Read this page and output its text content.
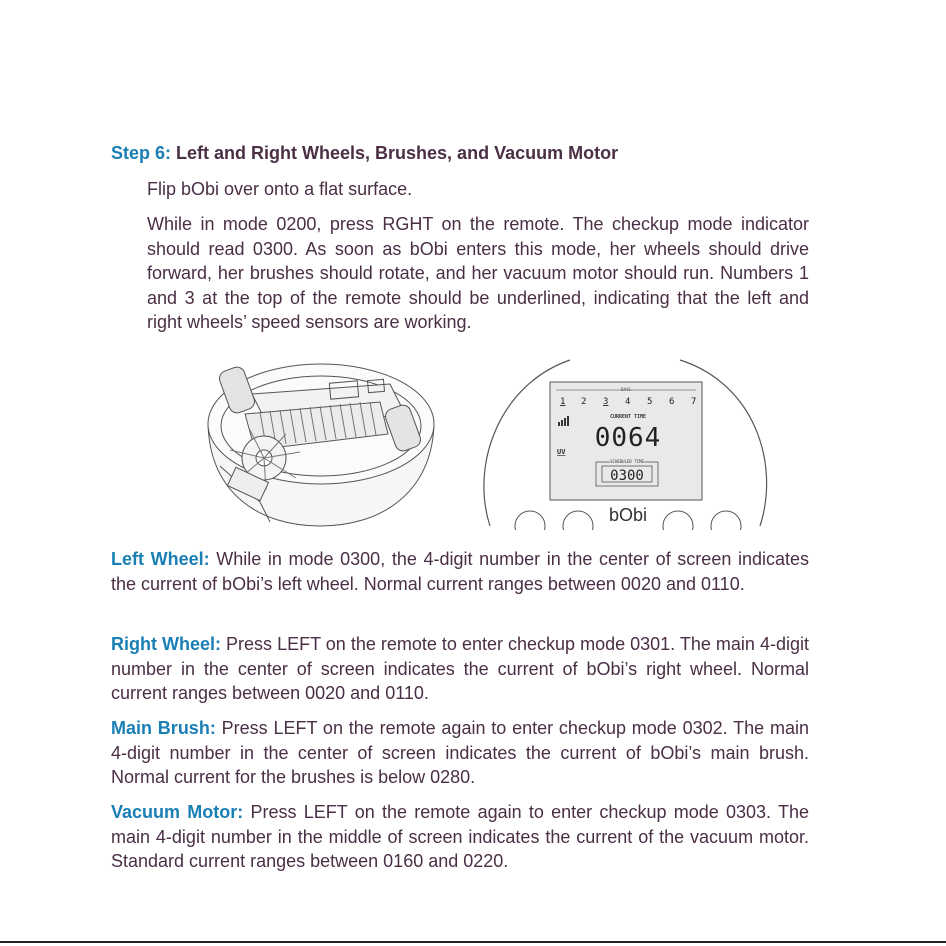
Step 6: Left and Right Wheels, Brushes, and Vacuum Motor
Flip bObi over onto a flat surface.
While in mode 0200, press RGHT on the remote. The checkup mode indicator should read 0300. As soon as bObi enters this mode, her wheels should drive forward, her brushes should rotate, and her vacuum motor should run. Numbers 1 and 3 at the top of the remote should be underlined, indicating that the left and right wheels’ speed sensors are working.
DAYS
1 2 3 4 5 6 7
CURRENT TIME
0064
UV
SCHEDULED TIME
0300
bObi
Left Wheel: While in mode 0300, the 4-digit number in the center of screen indicates the current of bObi’s left wheel. Normal current ranges between 0020 and 0110.
Right Wheel: Press LEFT on the remote to enter checkup mode 0301. The main 4-digit number in the center of screen indicates the current of bObi’s right wheel. Normal current ranges between 0020 and 0110.
Main Brush: Press LEFT on the remote again to enter checkup mode 0302. The main 4-digit number in the center of screen indicates the current of bObi’s main brush. Normal current for the brushes is below 0280.
Vacuum Motor: Press LEFT on the remote again to enter checkup mode 0303. The main 4-digit number in the middle of screen indicates the current of the vacuum motor. Standard current ranges between 0160 and 0220.
